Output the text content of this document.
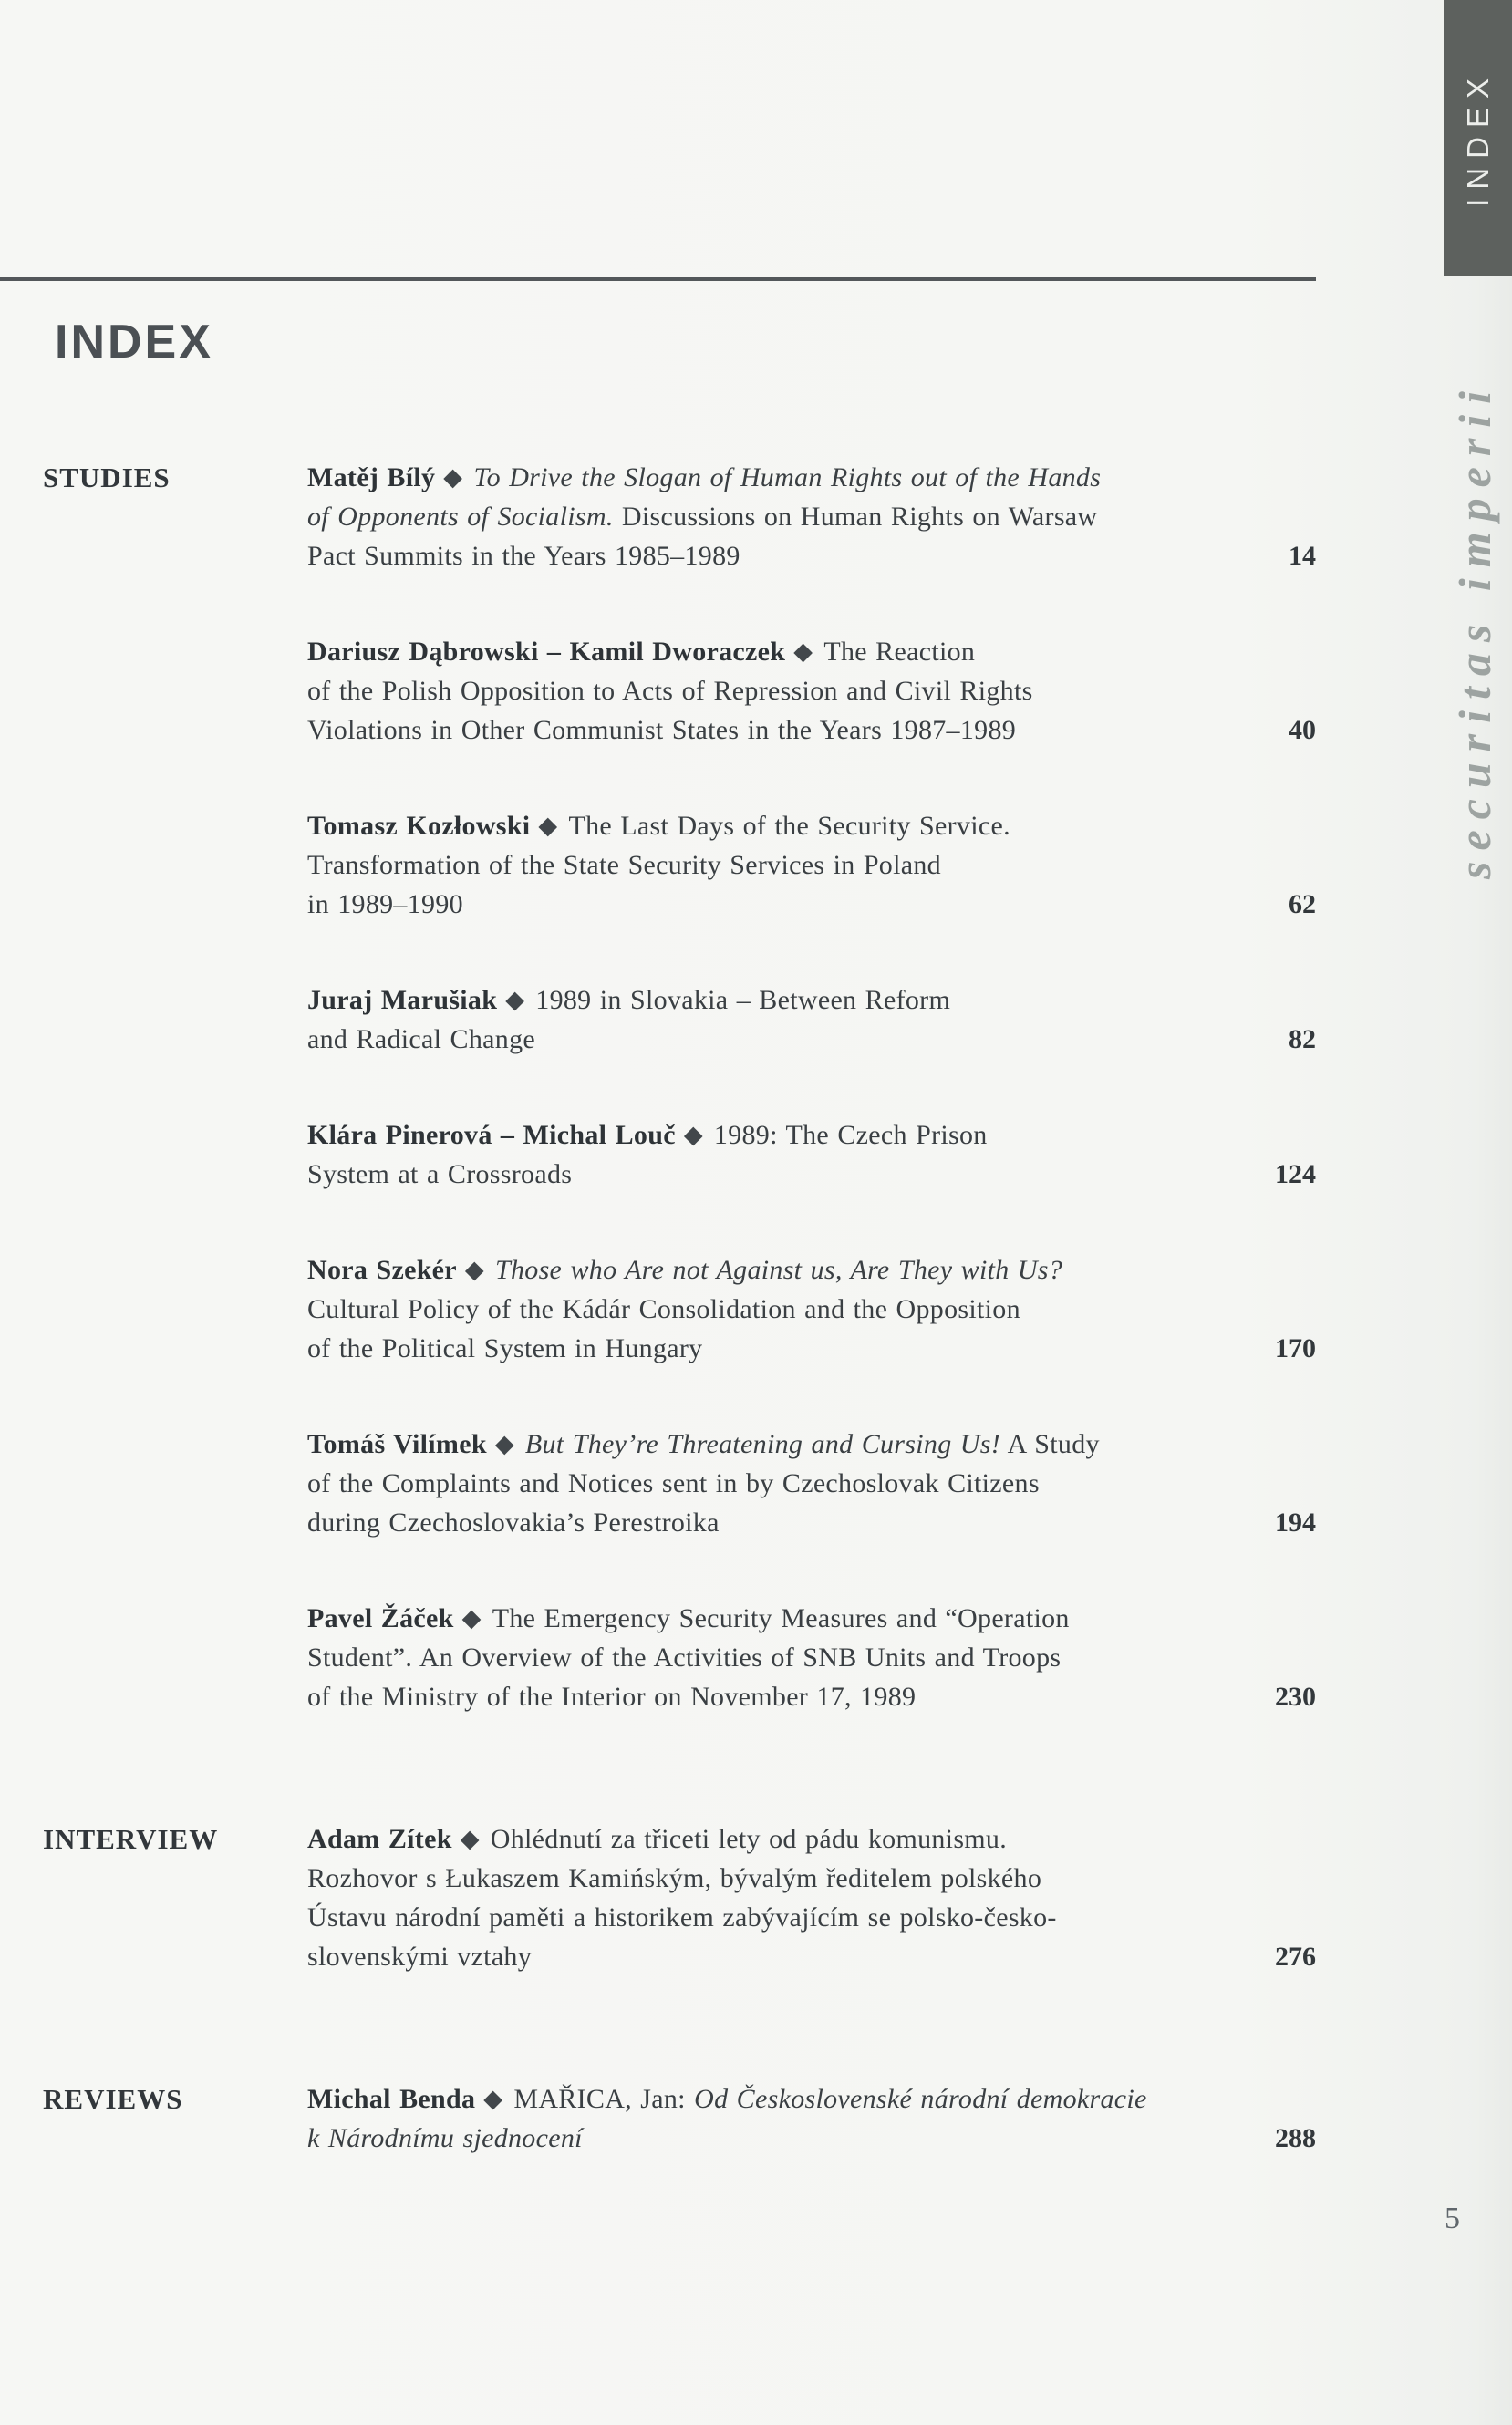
INDEX
STUDIES	Matěj Bílý ◆ To Drive the Slogan of Human Rights out of the Hands
of Opponents of Socialism. Discussions on Human Rights on Warsaw
Pact Summits in the Years 1985–1989	14
Dariusz Dąbrowski – Kamil Dworaczek ◆ The Reaction
of the Polish Opposition to Acts of Repression and Civil Rights
Violations in Other Communist States in the Years 1987–1989	40
Tomasz Kozłowski ◆ The Last Days of the Security Service.
Transformation of the State Security Services in Poland
in 1989–1990	62
Juraj Marušiak ◆ 1989 in Slovakia – Between Reform
and Radical Change	82
Klára Pinerová – Michal Louč ◆ 1989: The Czech Prison
System at a Crossroads	124
Nora Szekér ◆ Those who Are not Against us, Are They with Us?
Cultural Policy of the Kádár Consolidation and the Opposition
of the Political System in Hungary	170
Tomáš Vilímek ◆ But They’re Threatening and Cursing Us! A Study
of the Complaints and Notices sent in by Czechoslovak Citizens
during Czechoslovakia’s Perestroika	194
Pavel Žáček ◆ The Emergency Security Measures and “Operation
Student”. An Overview of the Activities of SNB Units and Troops
of the Ministry of the Interior on November 17, 1989	230
INTERVIEW	Adam Zítek ◆ Ohlédnutí za třiceti lety od pádu komunismu.
Rozhovor s Łukaszem Kamińským, bývalým ředitelem polského
Ústavu národní paměti a historikem zabývajícím se polsko-česko-
slovenskými vztahy	276
REVIEWS	Michal Benda ◆ MAŘICA, Jan: Od Československé národní demokracie
k Národnímu sjednocení	288
INDEX
securitas imperii
5
